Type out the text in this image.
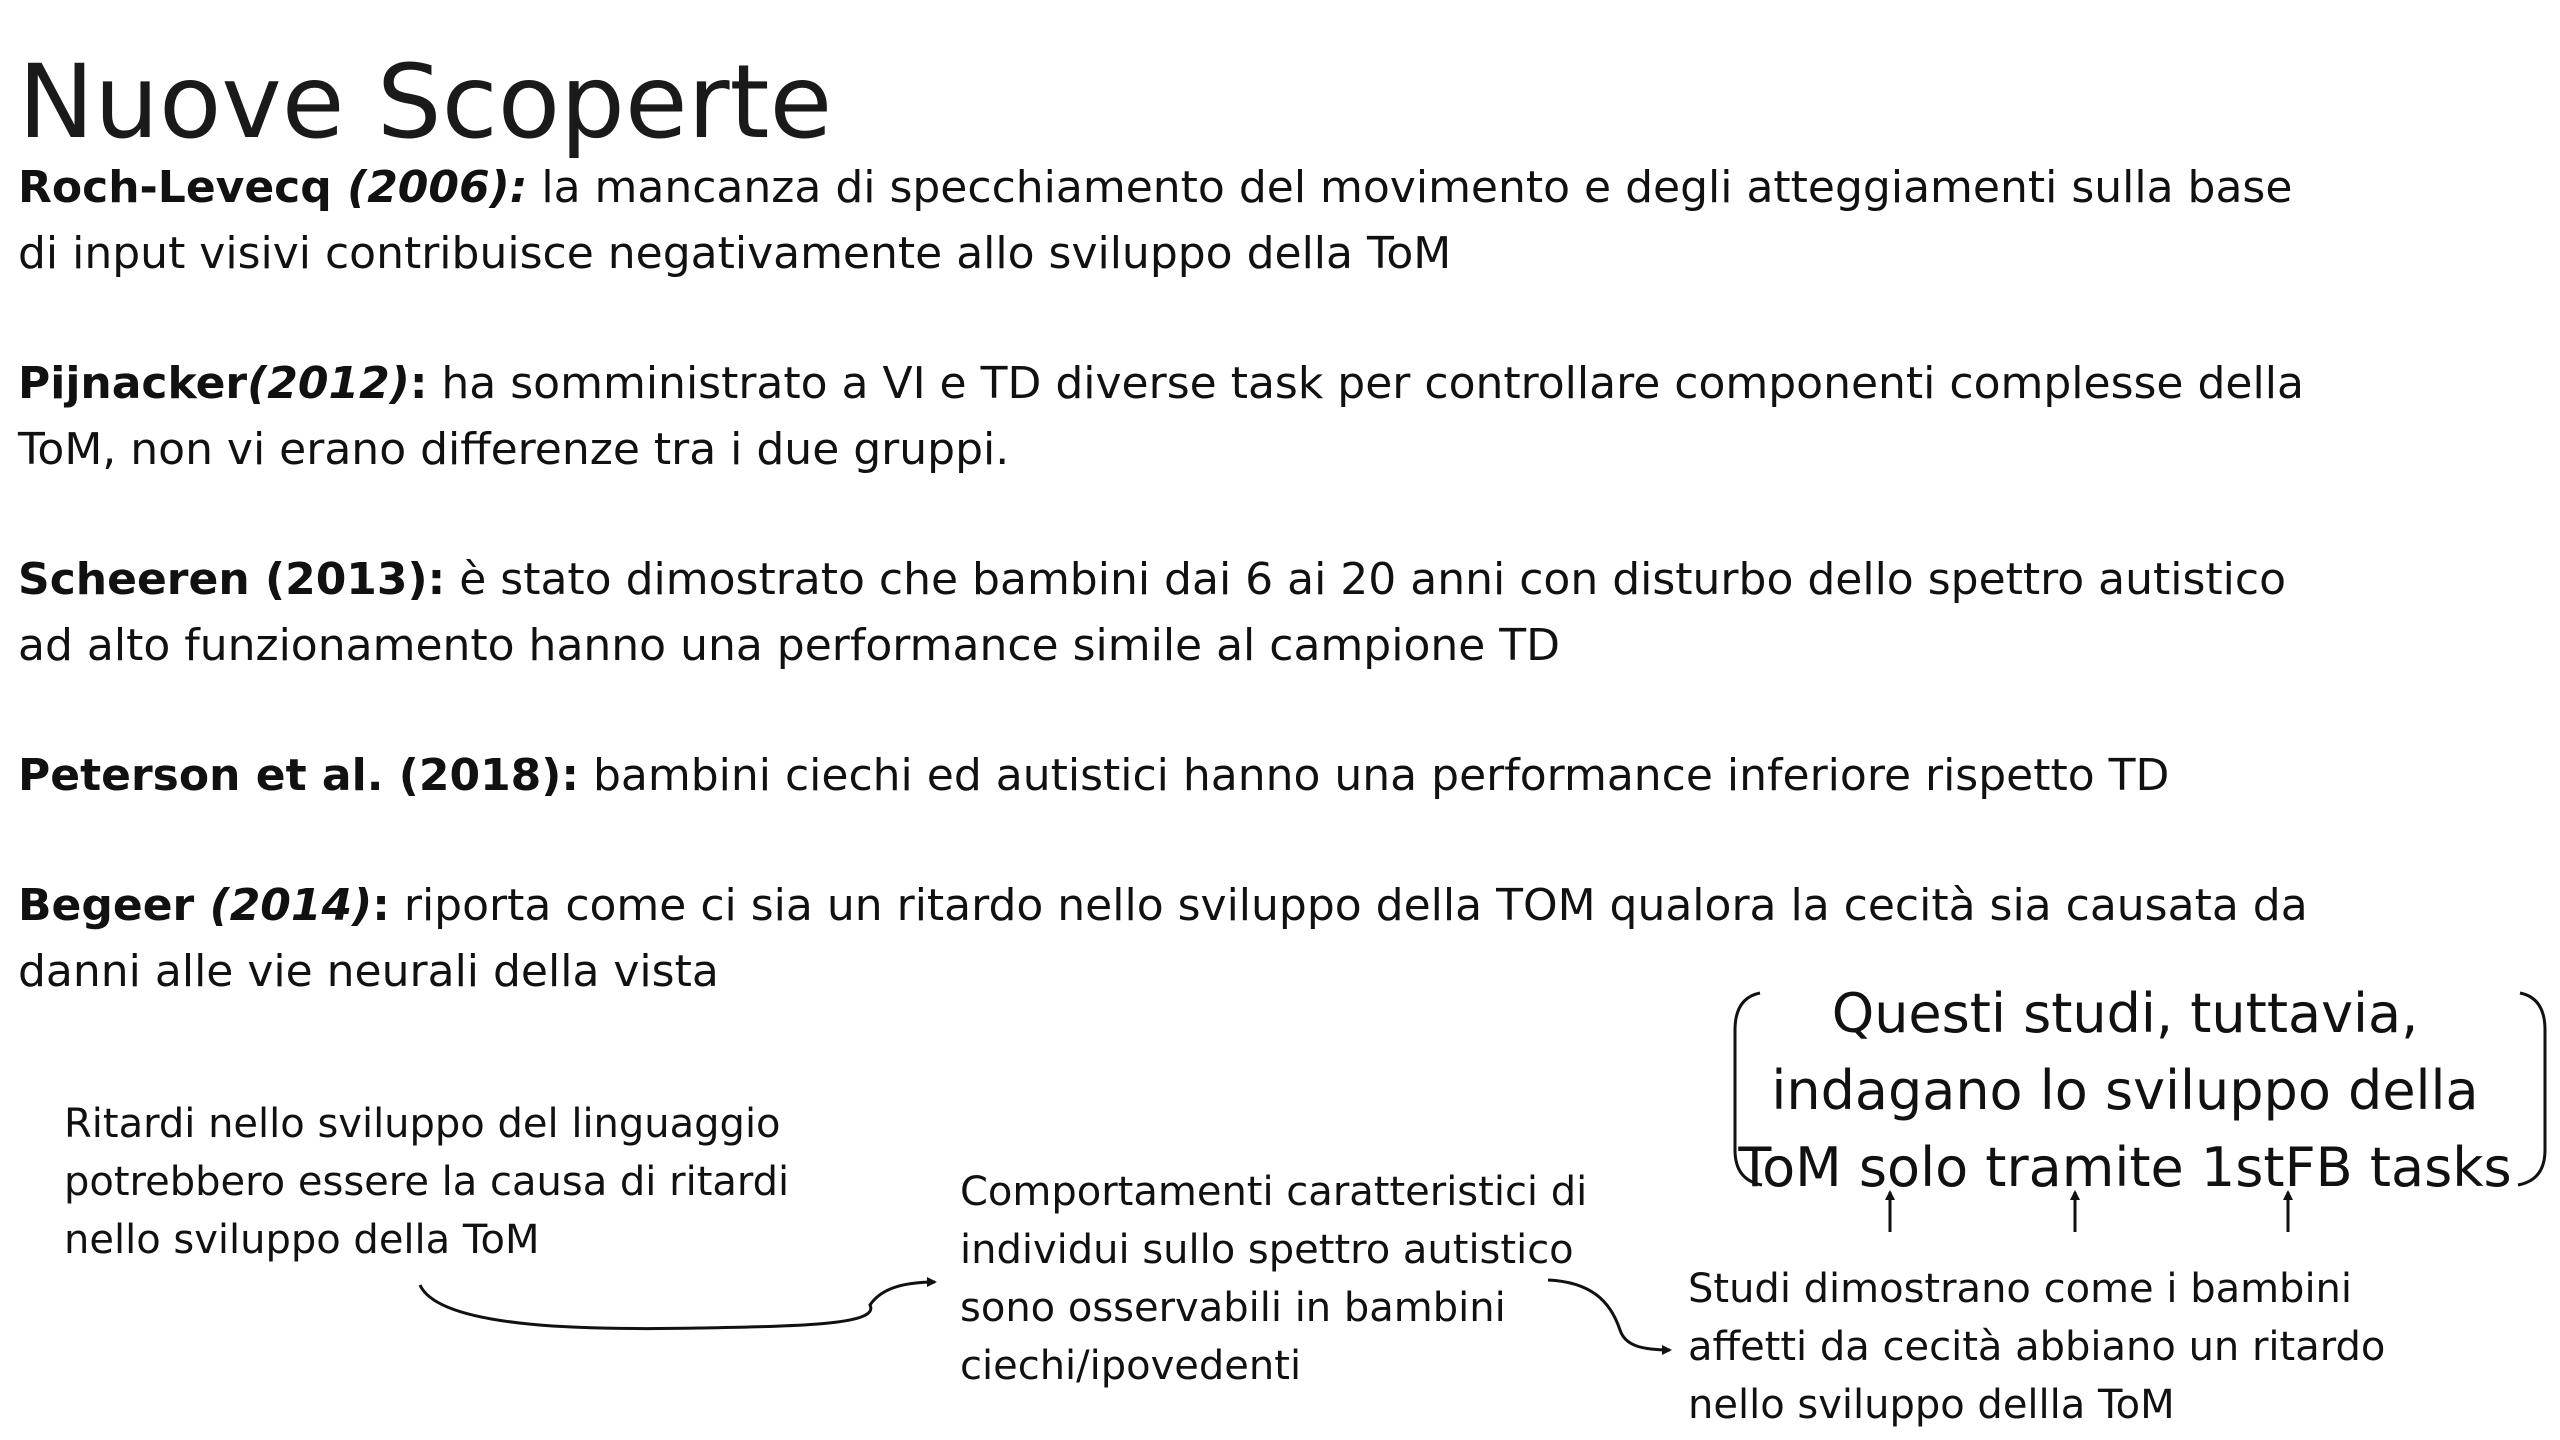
Nuove Scoperte

Roch-Levecq (2006): la mancanza di specchiamento del movimento e degli atteggiamenti sulla base di input visivi contribuisce negativamente allo sviluppo della ToM

Pijnacker(2012): ha somministrato a VI e TD diverse task per controllare componenti complesse della ToM, non vi erano differenze tra i due gruppi.

Scheeren (2013): è stato dimostrato che bambini dai 6 ai 20 anni con disturbo dello spettro autistico ad alto funzionamento hanno una performance simile al campione TD

Peterson et al. (2018): bambini ciechi ed autistici hanno una performance inferiore rispetto TD

Begeer (2014): riporta come ci sia un ritardo nello sviluppo della TOM qualora la cecità sia causata da danni alle vie neurali della vista

Ritardi nello sviluppo del linguaggio potrebbero essere la causa di ritardi nello sviluppo della ToM
Comportamenti caratteristici di individui sullo spettro autistico sono osservabili in bambini ciechi/ipovedenti
Studi dimostrano come i bambini affetti da cecità abbiano un ritardo nello sviluppo dellla ToM
Questi studi, tuttavia, indagano lo sviluppo della ToM solo tramite 1stFB tasks
